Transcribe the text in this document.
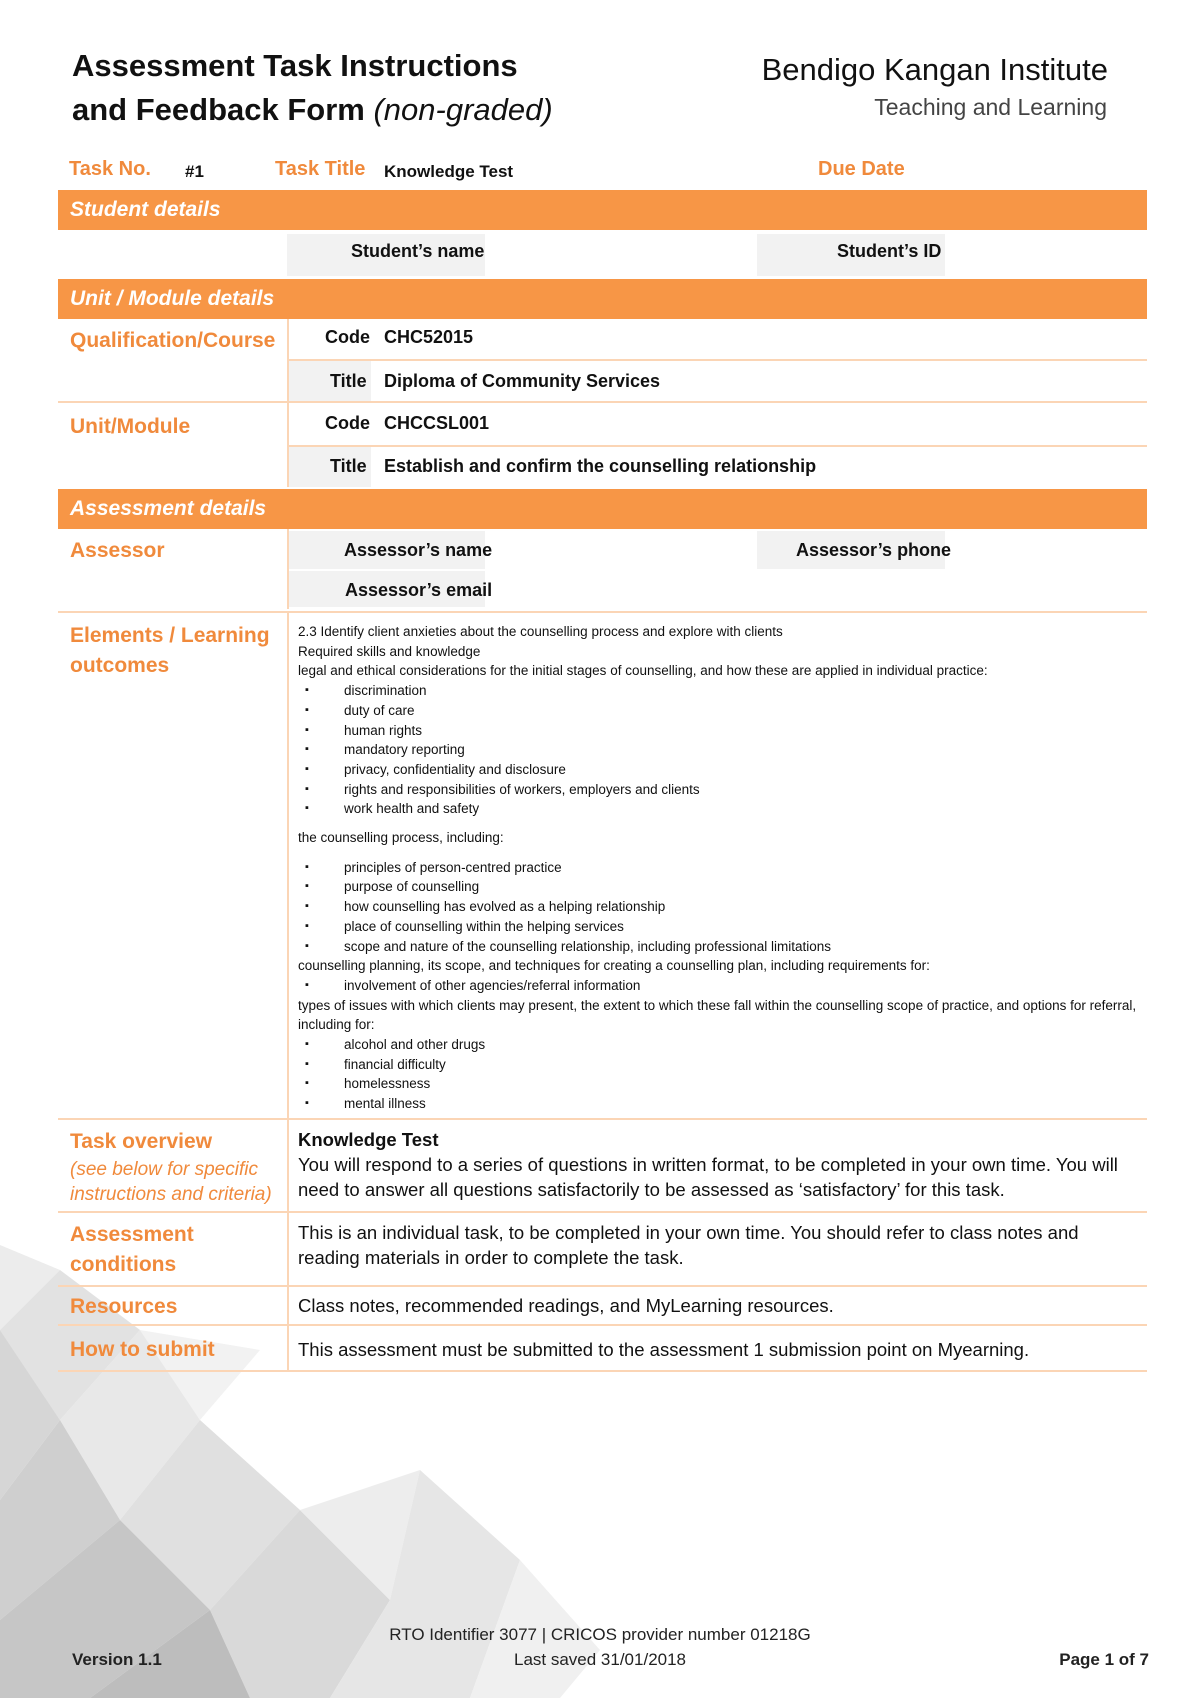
Assessment Task Instructions
and Feedback Form (non-graded)
Bendigo Kangan Institute
Teaching and Learning
Task No. #1	Task Title Knowledge Test	Due Date
Student details
Student’s name	Student’s ID
Unit / Module details
Qualification/Course	Code CHC52015
Title Diploma of Community Services
Unit/Module	Code CHCCSL001
Title Establish and confirm the counselling relationship
Assessment details
Assessor	Assessor’s name	Assessor’s phone
Assessor’s email
Elements / Learning
outcomes

2.3 Identify client anxieties about the counselling process and explore with clients

Required skills and knowledge

legal and ethical considerations for the initial stages of counselling, and how these are applied in individual practice:

▪ discrimination
▪ duty of care
▪ human rights
▪ mandatory reporting
▪ privacy, confidentiality and disclosure
▪ rights and responsibilities of workers, employers and clients
▪ work health and safety

the counselling process, including:

▪ principles of person-centred practice
▪ purpose of counselling
▪ how counselling has evolved as a helping relationship
▪ place of counselling within the helping services
▪ scope and nature of the counselling relationship, including professional limitations

counselling planning, its scope, and techniques for creating a counselling plan, including requirements for:

▪ involvement of other agencies/referral information

types of issues with which clients may present, the extent to which these fall within the counselling scope of practice, and options for referral, including for:

▪ alcohol and other drugs
▪ financial difficulty
▪ homelessness
▪ mental illness
Task overview
(see below for specific instructions and criteria)
Knowledge Test
You will respond to a series of questions in written format, to be completed in your own time. You will need to answer all questions satisfactorily to be assessed as ‘satisfactory’ for this task.
Assessment
conditions
This is an individual task, to be completed in your own time. You should refer to class notes and reading materials in order to complete the task.
Resources	Class notes, recommended readings, and MyLearning resources.
How to submit	This assessment must be submitted to the assessment 1 submission point on Myearning.
Version 1.1
RTO Identifier 3077 | CRICOS provider number 01218G
Last saved 31/01/2018	Page 1 of 7
